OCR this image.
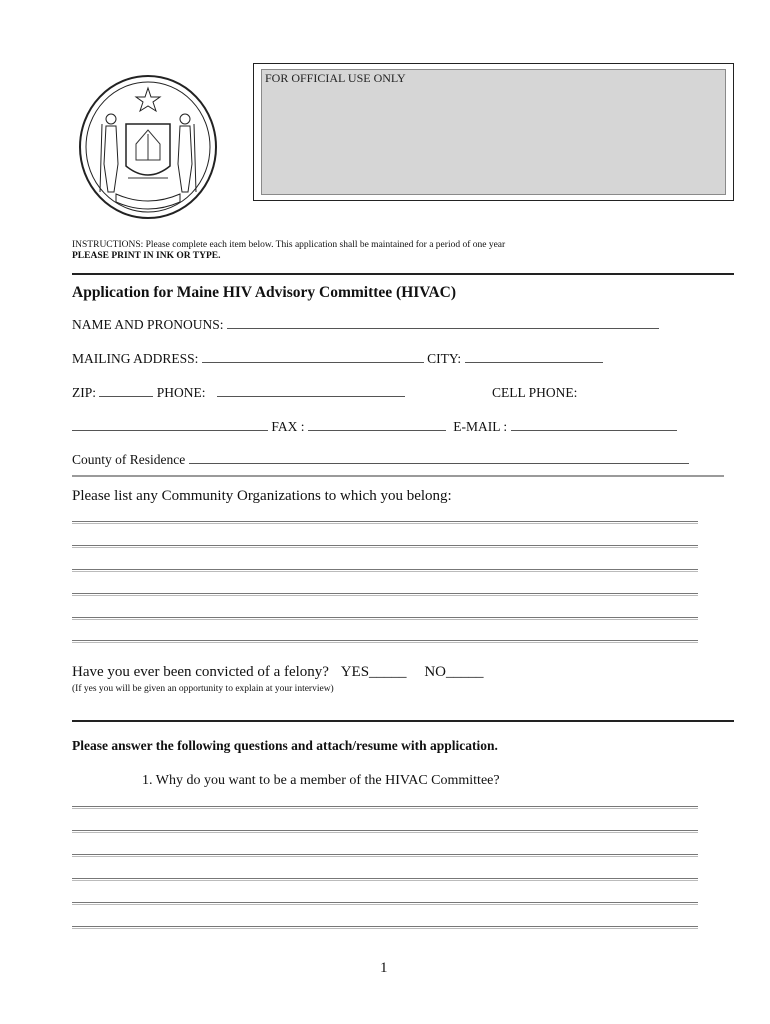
FOR OFFICIAL USE ONLY
INSTRUCTIONS: Please complete each item below. This application shall be maintained for a period of one year
PLEASE PRINT IN INK OR TYPE.
Application for Maine HIV Advisory Committee (HIVAC)
NAME AND PRONOUNS:
MAILING ADDRESS:	CITY:
ZIP:	PHONE:	CELL PHONE:
FAX :	E-MAIL :
County of Residence
Please list any Community Organizations to which you belong:
Have you ever been convicted of a felony? YES_____ NO_____
(If yes you will be given an opportunity to explain at your interview)
Please answer the following questions and attach/resume with application.
1. Why do you want to be a member of the HIVAC Committee?
1
